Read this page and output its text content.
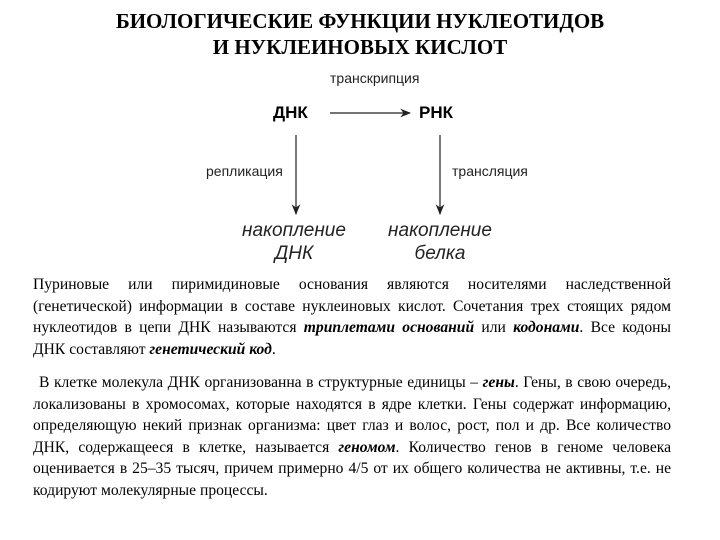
БИОЛОГИЧЕСКИЕ ФУНКЦИИ НУКЛЕОТИДОВ
И НУКЛЕИНОВЫХ КИСЛОТ
транскрипция
ДНК	РНК
репликация	трансляция
накопление
ДНК
накопление
белка
Пуриновые или пиримидиновые основания являются носителями наследственной (генетической) информации в составе нуклеиновых кислот. Сочетания трех стоящих рядом нуклеотидов в цепи ДНК называются триплетами оснований или кодонами. Все кодоны ДНК составляют генетический код.
В клетке молекула ДНК организованна в структурные единицы – гены. Гены, в свою очередь, локализованы в хромосомах, которые находятся в ядре клетки. Гены содержат информацию, определяющую некий признак организма: цвет глаз и волос, рост, пол и др. Все количество ДНК, содержащееся в клетке, называется геномом. Количество генов в геноме человека оценивается в 25–35 тысяч, причем примерно 4/5 от их общего количества не активны, т.е. не кодируют молекулярные процессы.
